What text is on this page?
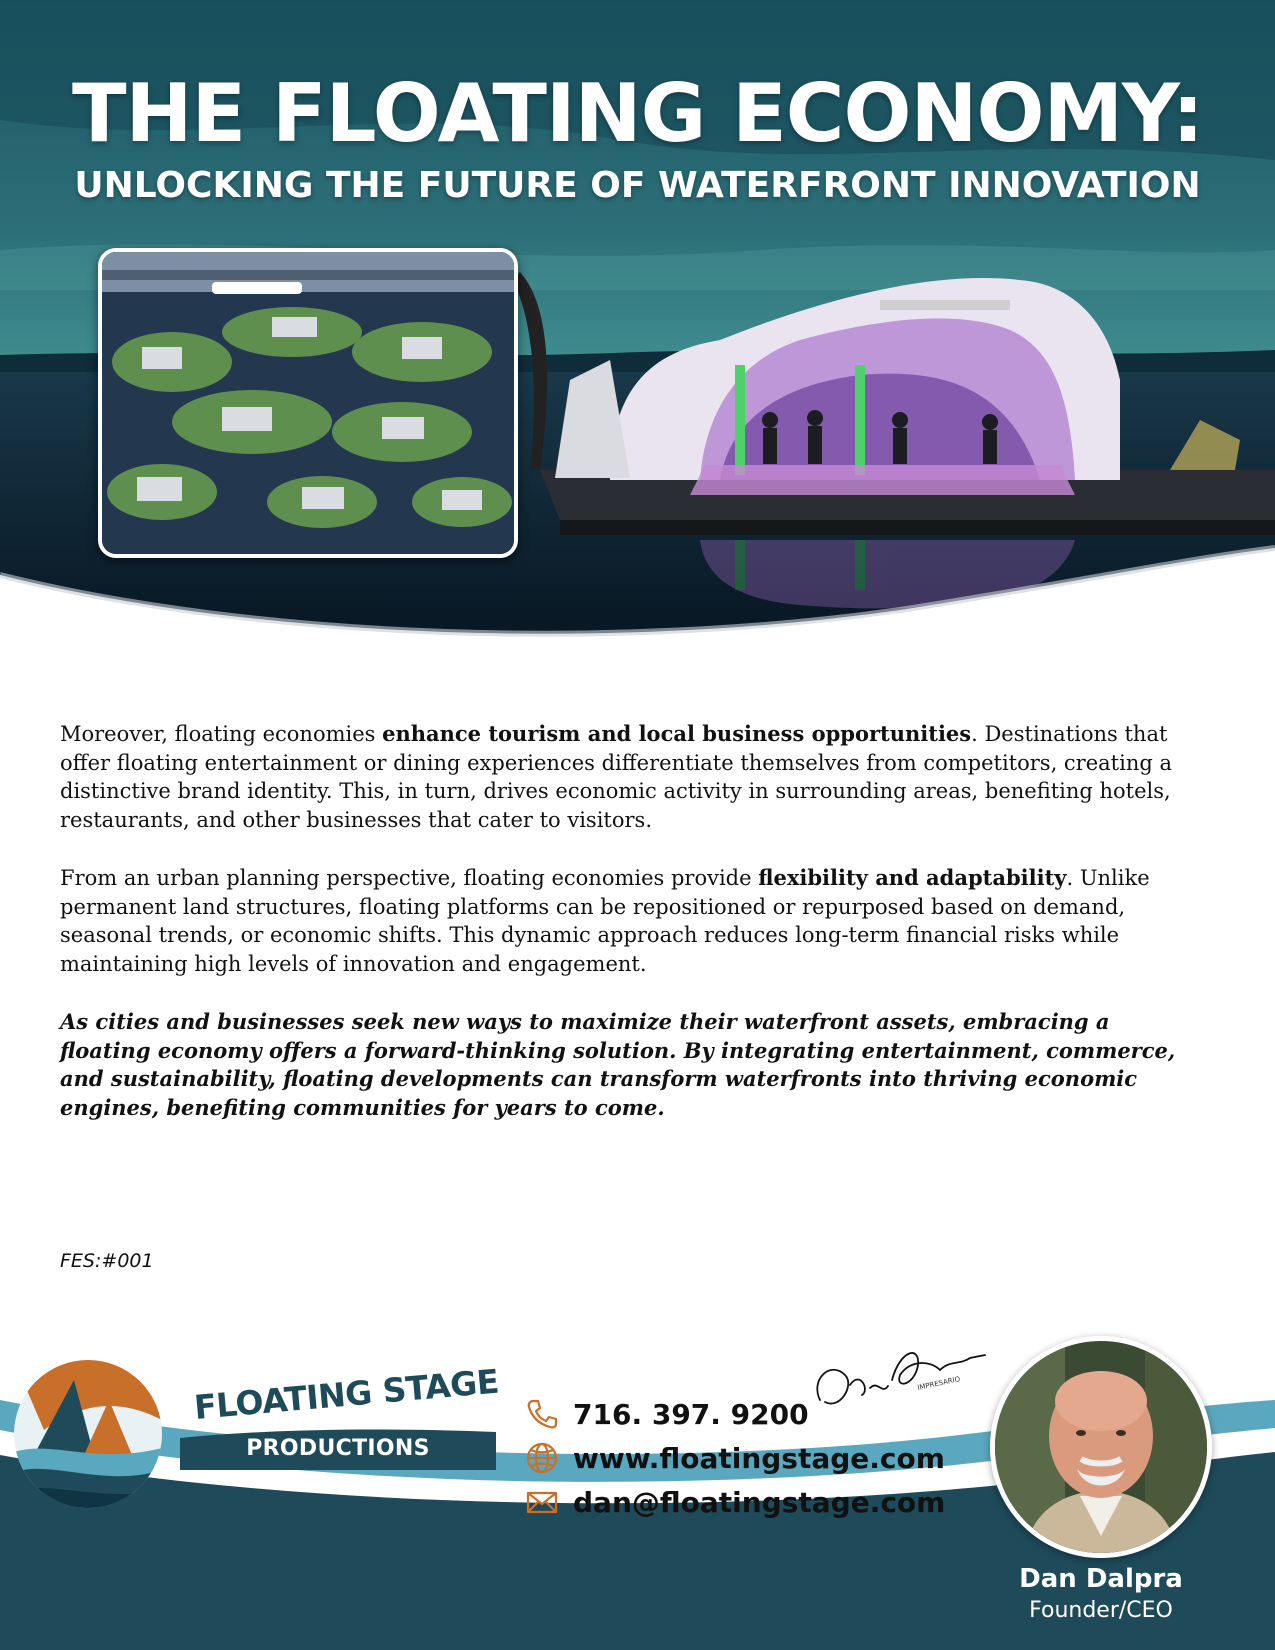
THE FLOATING ECONOMY:
UNLOCKING THE FUTURE OF WATERFRONT INNOVATION

Moreover, floating economies enhance tourism and local business opportunities. Destinations that offer floating entertainment or dining experiences differentiate themselves from competitors, creating a distinctive brand identity. This, in turn, drives economic activity in surrounding areas, benefiting hotels, restaurants, and other businesses that cater to visitors.

From an urban planning perspective, floating economies provide flexibility and adaptability. Unlike permanent land structures, floating platforms can be repositioned or repurposed based on demand, seasonal trends, or economic shifts. This dynamic approach reduces long-term financial risks while maintaining high levels of innovation and engagement.

As cities and businesses seek new ways to maximize their waterfront assets, embracing a floating economy offers a forward-thinking solution. By integrating entertainment, commerce, and sustainability, floating developments can transform waterfronts into thriving economic engines, benefiting communities for years to come.

FES:#001
FLOATING STAGE
PRODUCTIONS
716. 397. 9200
www.floatingstage.com
dan@floatingstage.com
IMPRESARIO
Dan Dalpra
Founder/CEO
